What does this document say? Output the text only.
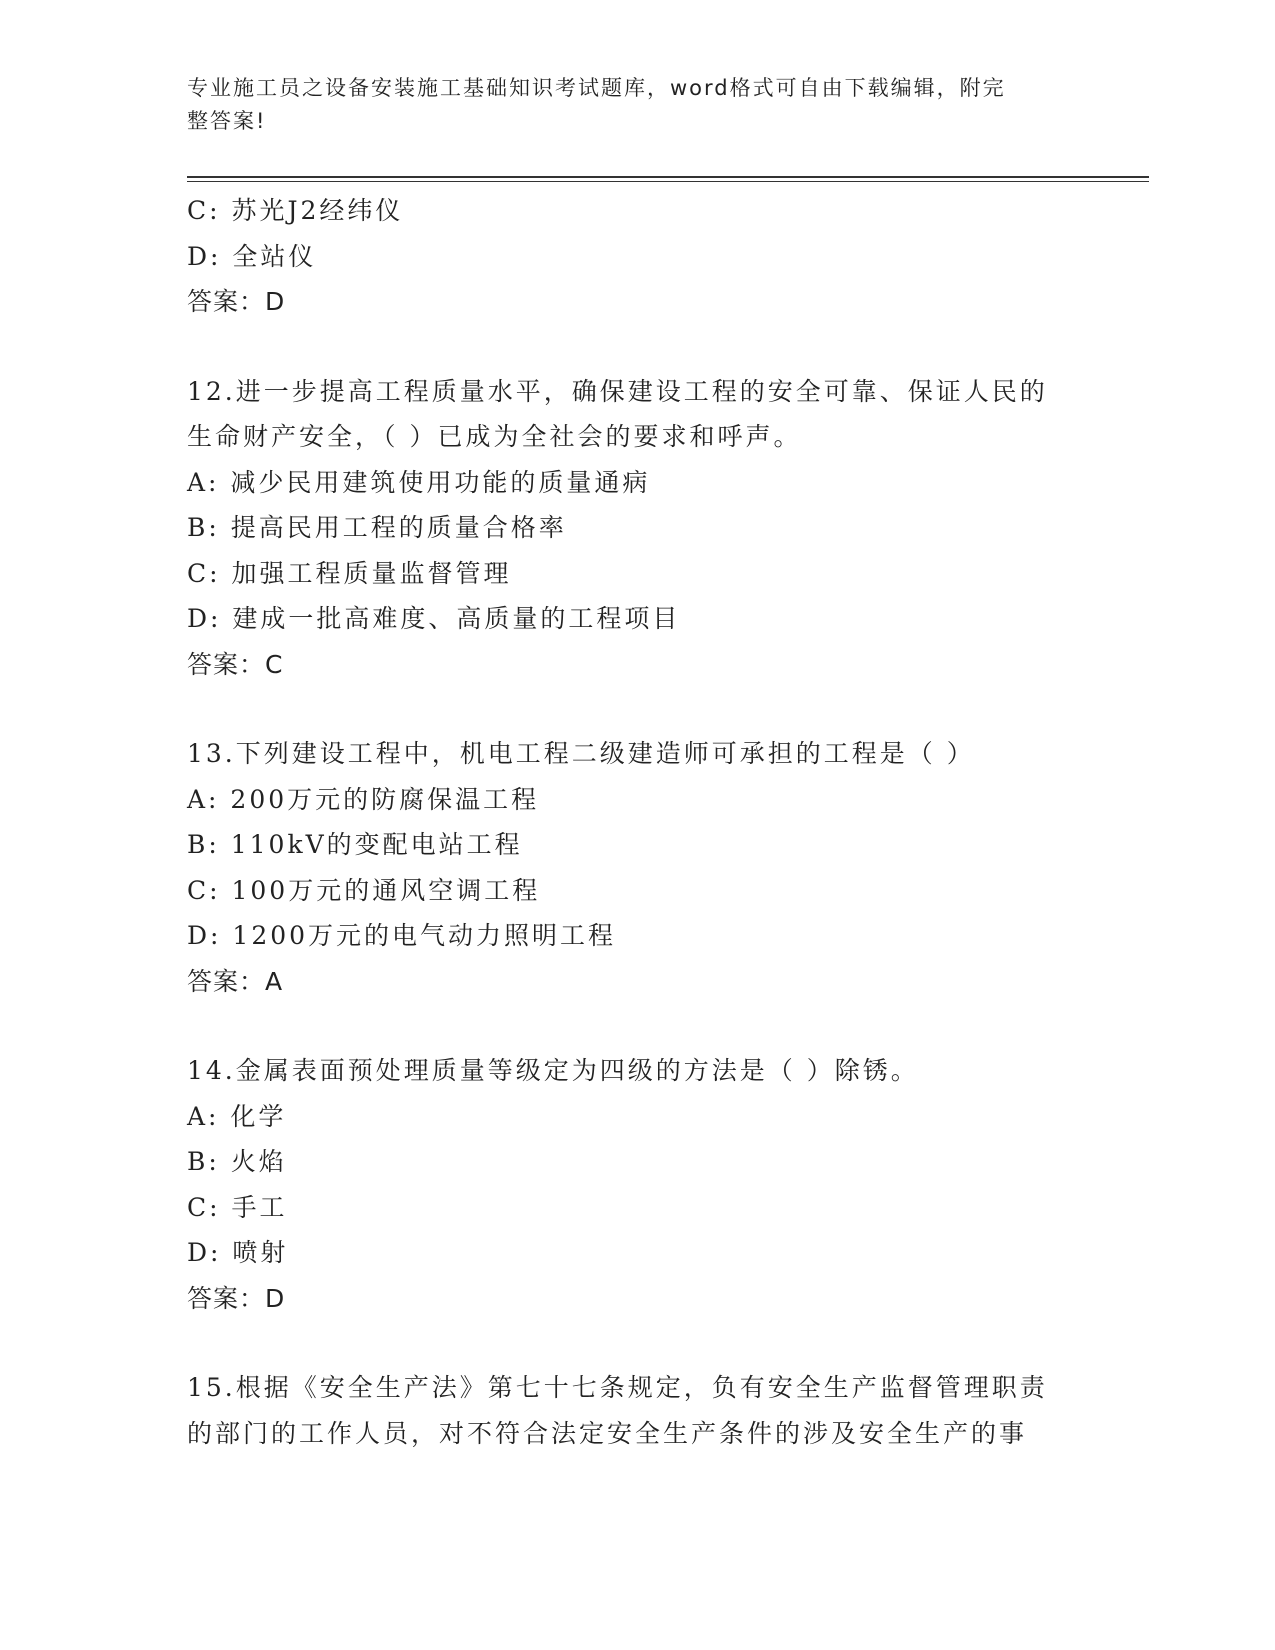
专业施工员之设备安装施工基础知识考试题库，word格式可自由下载编辑，附完
整答案!
C: 苏光J2经纬仪
D: 全站仪
答案：D
12.进一步提高工程质量水平，确保建设工程的安全可靠、保证人民的
生命财产安全，（ ）已成为全社会的要求和呼声。
A: 减少民用建筑使用功能的质量通病
B: 提高民用工程的质量合格率
C: 加强工程质量监督管理
D: 建成一批高难度、高质量的工程项目
答案：C
13.下列建设工程中，机电工程二级建造师可承担的工程是（ ）
A: 200万元的防腐保温工程
B: 110kV的变配电站工程
C: 100万元的通风空调工程
D: 1200万元的电气动力照明工程
答案：A
14.金属表面预处理质量等级定为四级的方法是（ ）除锈。
A: 化学
B: 火焰
C: 手工
D: 喷射
答案：D
15.根据《安全生产法》第七十七条规定，负有安全生产监督管理职责
的部门的工作人员，对不符合法定安全生产条件的涉及安全生产的事
